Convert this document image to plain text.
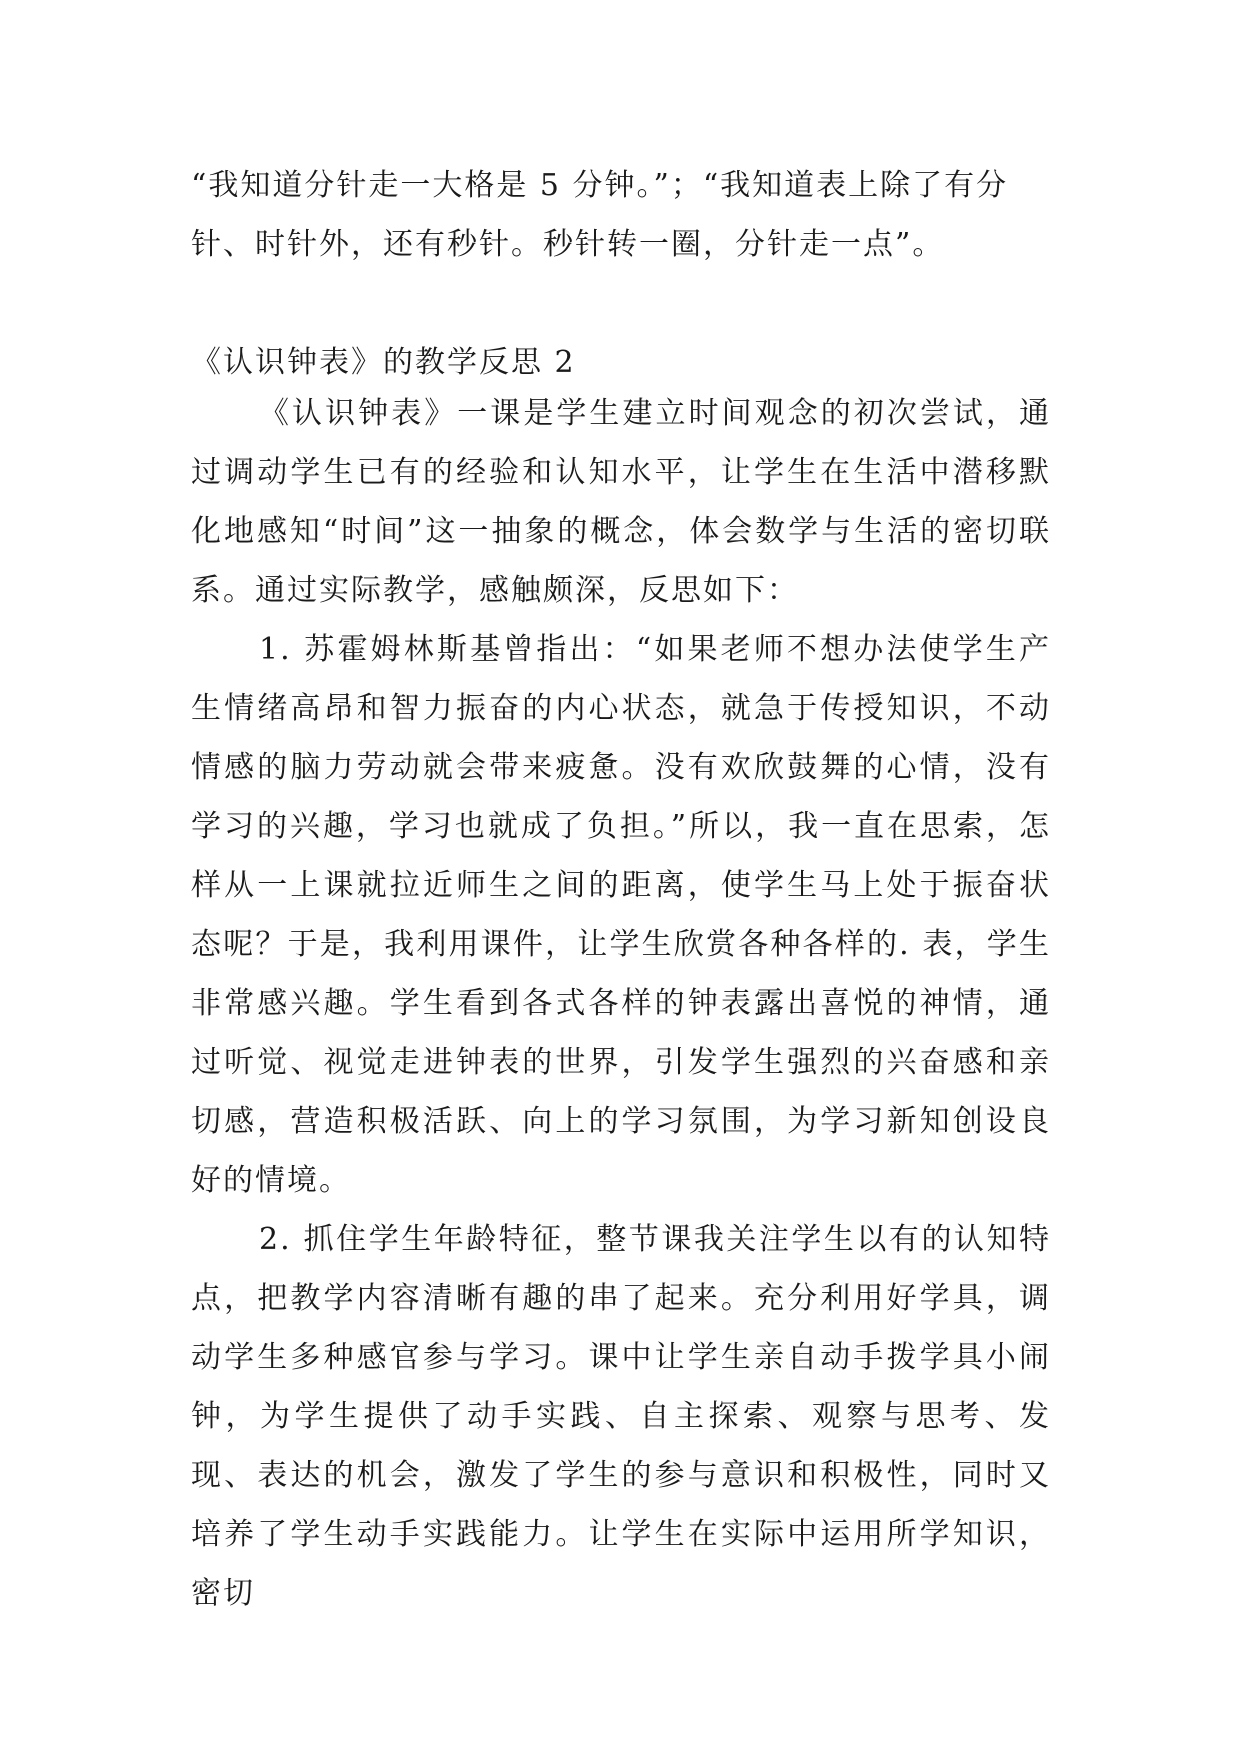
“我知道分针走一大格是 5 分钟。”；“我知道表上除了有分针、时针外，还有秒针。秒针转一圈，分针走一点”。

《认识钟表》的教学反思 2

《认识钟表》一课是学生建立时间观念的初次尝试，通过调动学生已有的经验和认知水平，让学生在生活中潜移默化地感知“时间”这一抽象的概念，体会数学与生活的密切联系。通过实际教学，感触颇深，反思如下：

1. 苏霍姆林斯基曾指出：“如果老师不想办法使学生产生情绪高昂和智力振奋的内心状态，就急于传授知识，不动情感的脑力劳动就会带来疲惫。没有欢欣鼓舞的心情，没有学习的兴趣，学习也就成了负担。”所以，我一直在思索，怎样从一上课就拉近师生之间的距离，使学生马上处于振奋状态呢？于是，我利用课件，让学生欣赏各种各样的. 表，学生非常感兴趣。学生看到各式各样的钟表露出喜悦的神情，通过听觉、视觉走进钟表的世界，引发学生强烈的兴奋感和亲切感，营造积极活跃、向上的学习氛围，为学习新知创设良好的情境。

2. 抓住学生年龄特征，整节课我关注学生以有的认知特点，把教学内容清晰有趣的串了起来。充分利用好学具，调动学生多种感官参与学习。课中让学生亲自动手拨学具小闹钟，为学生提供了动手实践、自主探索、观察与思考、发现、表达的机会，激发了学生的参与意识和积极性，同时又培养了学生动手实践能力。让学生在实际中运用所学知识，密切
